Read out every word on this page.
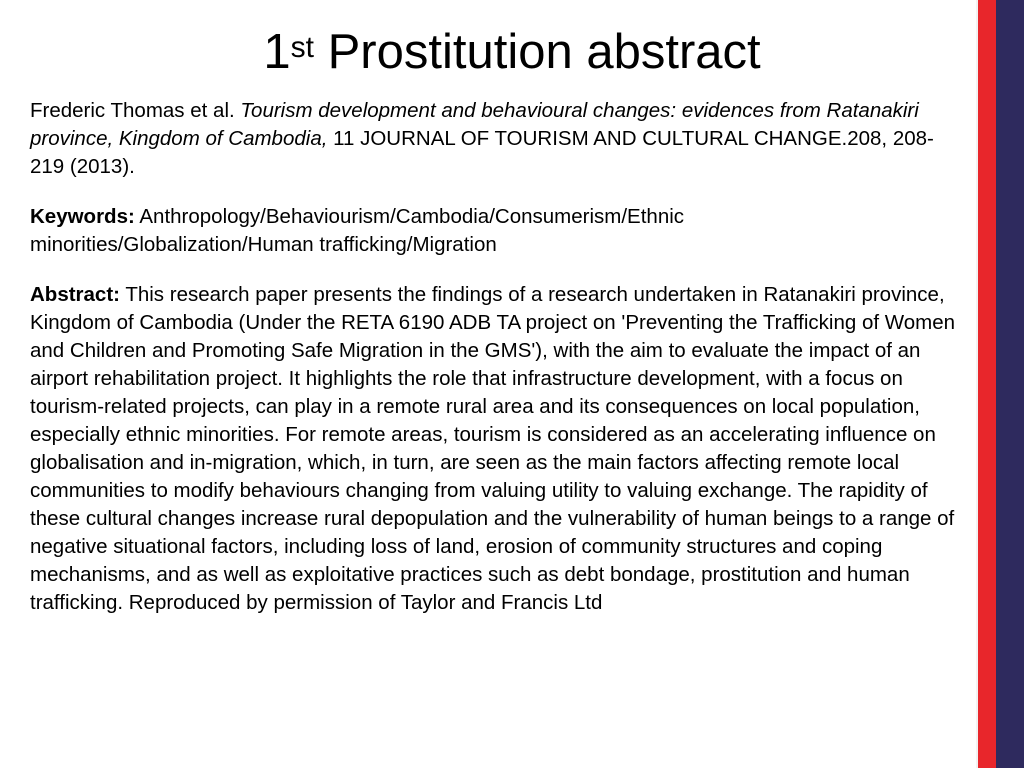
1st Prostitution abstract

Frederic Thomas et al. Tourism development and behavioural changes: evidences from Ratanakiri province, Kingdom of Cambodia, 11 JOURNAL OF TOURISM AND CULTURAL CHANGE.208, 208-219 (2013).

Keywords: Anthropology/Behaviourism/Cambodia/Consumerism/Ethnic minorities/Globalization/Human trafficking/Migration

Abstract: This research paper presents the findings of a research undertaken in Ratanakiri province, Kingdom of Cambodia (Under the RETA 6190 ADB TA project on 'Preventing the Trafficking of Women and Children and Promoting Safe Migration in the GMS'), with the aim to evaluate the impact of an airport rehabilitation project. It highlights the role that infrastructure development, with a focus on tourism-related projects, can play in a remote rural area and its consequences on local population, especially ethnic minorities. For remote areas, tourism is considered as an accelerating influence on globalisation and in-migration, which, in turn, are seen as the main factors affecting remote local communities to modify behaviours changing from valuing utility to valuing exchange. The rapidity of these cultural changes increase rural depopulation and the vulnerability of human beings to a range of negative situational factors, including loss of land, erosion of community structures and coping mechanisms, and as well as exploitative practices such as debt bondage, prostitution and human trafficking. Reproduced by permission of Taylor and Francis Ltd
